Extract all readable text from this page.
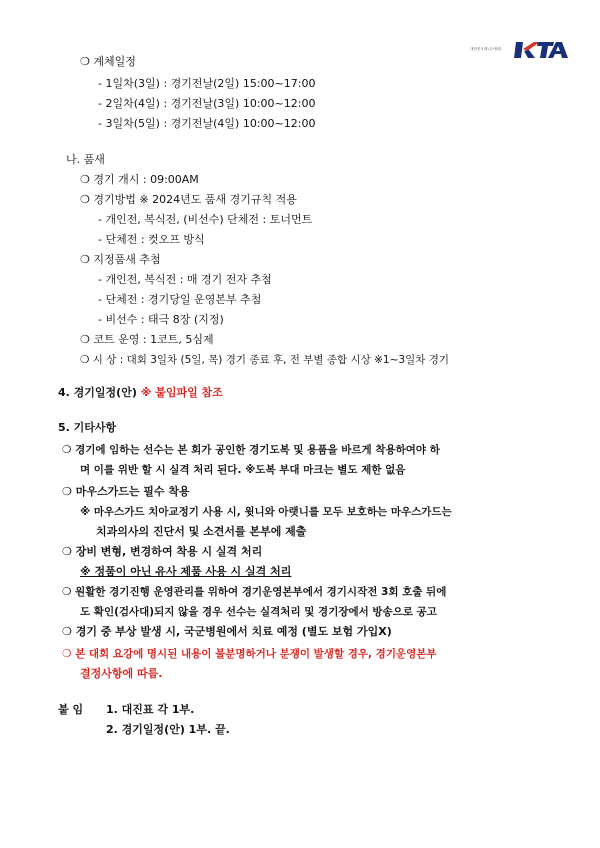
대한민국테니스협회
❍ 계체일정
- 1일차(3일) : 경기전날(2일) 15:00~17:00
- 2일차(4일) : 경기전날(3일) 10:00~12:00
- 3일차(5일) : 경기전날(4일) 10:00~12:00
나. 품새
❍ 경기 개시 : 09:00AM
❍ 경기방법 ※ 2024년도 품새 경기규칙 적용
- 개인전, 복식전, (비선수) 단체전 : 토너먼트
- 단체전 : 컷오프 방식
❍ 지정품새 추첨
- 개인전, 복식전 : 매 경기 전자 추첨
- 단체전 : 경기당일 운영본부 추첨
- 비선수 : 태극 8장 (지정)
❍ 코트 운영 : 1코트, 5심제
❍ 시 상 : 대회 3일차 (5일, 목) 경기 종료 후, 전 부별 종합 시상 ※1~3일차 경기
4. 경기일정(안) ※ 붙임파일 참조
5. 기타사항
❍ 경기에 임하는 선수는 본 회가 공인한 경기도복 및 용품을 바르게 착용하여야 하
며 이를 위반 할 시 실격 처리 된다. ※도복 부대 마크는 별도 제한 없음
❍ 마우스가드는 필수 착용
※ 마우스가드 치아교정기 사용 시, 윗니와 아랫니를 모두 보호하는 마우스가드는
치과의사의 진단서 및 소견서를 본부에 제출
❍ 장비 변형, 변경하여 착용 시 실격 처리
※ 정품이 아닌 유사 제품 사용 시 실격 처리
❍ 원활한 경기진행 운영관리를 위하여 경기운영본부에서 경기시작전 3회 호출 뒤에
도 확인(검사대)되지 않을 경우 선수는 실격처리 및 경기장에서 방송으로 공고
❍ 경기 중 부상 발생 시, 국군병원에서 치료 예정 (별도 보험 가입X)
❍ 본 대회 요강에 명시된 내용이 불분명하거나 분쟁이 발생할 경우, 경기운영본부
결정사항에 따름.
붙 임 1. 대진표 각 1부.
2. 경기일정(안) 1부. 끝.
